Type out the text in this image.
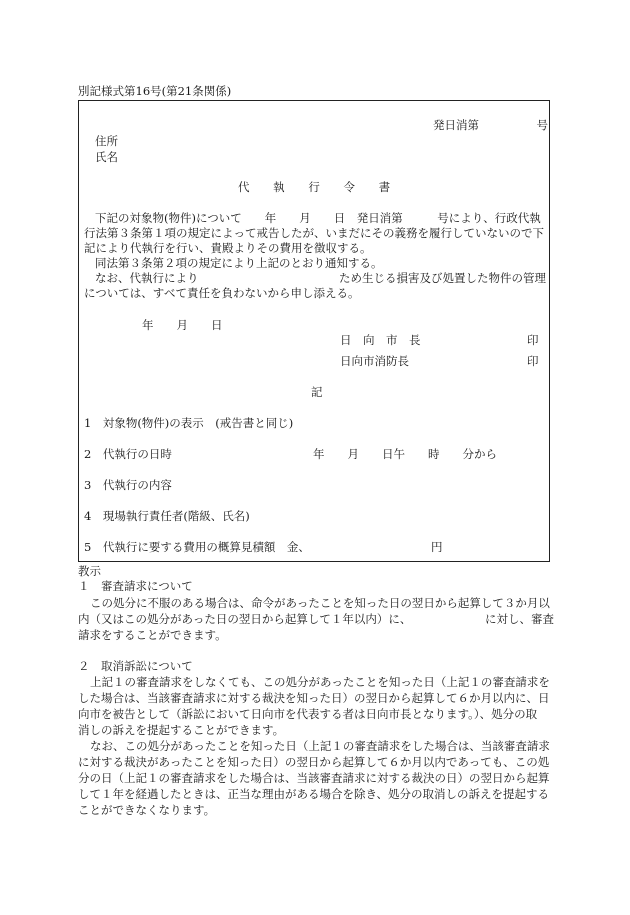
別記様式第16号(第21条関係)
発日消第　　　　　号
住所
氏名
代 執 行 令 書
下記の対象物(物件)について　　年　　月　　日　発日消第　　　号により、行政代執
行法第３条第１項の規定によって戒告したが、いまだにその義務を履行していないので下
記により代執行を行い、貴殿よりその費用を徴収する。
同法第３条第２項の規定により上記のとおり通知する。
なお、代執行により	ため生じる損害及び処置した物件の管理
については、すべて責任を負わないから申し添える。
年　　月　　日
日　向　市　長	印
日向市消防長	印
記
1　対象物(物件)の表示　(戒告書と同じ)
2　代執行の日時	年　　月　　日午　　時　　分から
3　代執行の内容
4　現場執行責任者(階級、氏名)
5　代執行に要する費用の概算見積額　金、	円
教示
１　審査請求について
この処分に不服のある場合は、命令があったことを知った日の翌日から起算して３か月以
内（又はこの処分があった日の翌日から起算して１年以内）に、	に対し、審査
請求をすることができます。
２　取消訴訟について
上記１の審査請求をしなくても、この処分があったことを知った日（上記１の審査請求を
した場合は、当該審査請求に対する裁決を知った日）の翌日から起算して６か月以内に、日
向市を被告として（訴訟において日向市を代表する者は日向市長となります。）、処分の取
消しの訴えを提起することができます。
なお、この処分があったことを知った日（上記１の審査請求をした場合は、当該審査請求
に対する裁決があったことを知った日）の翌日から起算して６か月以内であっても、この処
分の日（上記１の審査請求をした場合は、当該審査請求に対する裁決の日）の翌日から起算
して１年を経過したときは、正当な理由がある場合を除き、処分の取消しの訴えを提起する
ことができなくなります。
